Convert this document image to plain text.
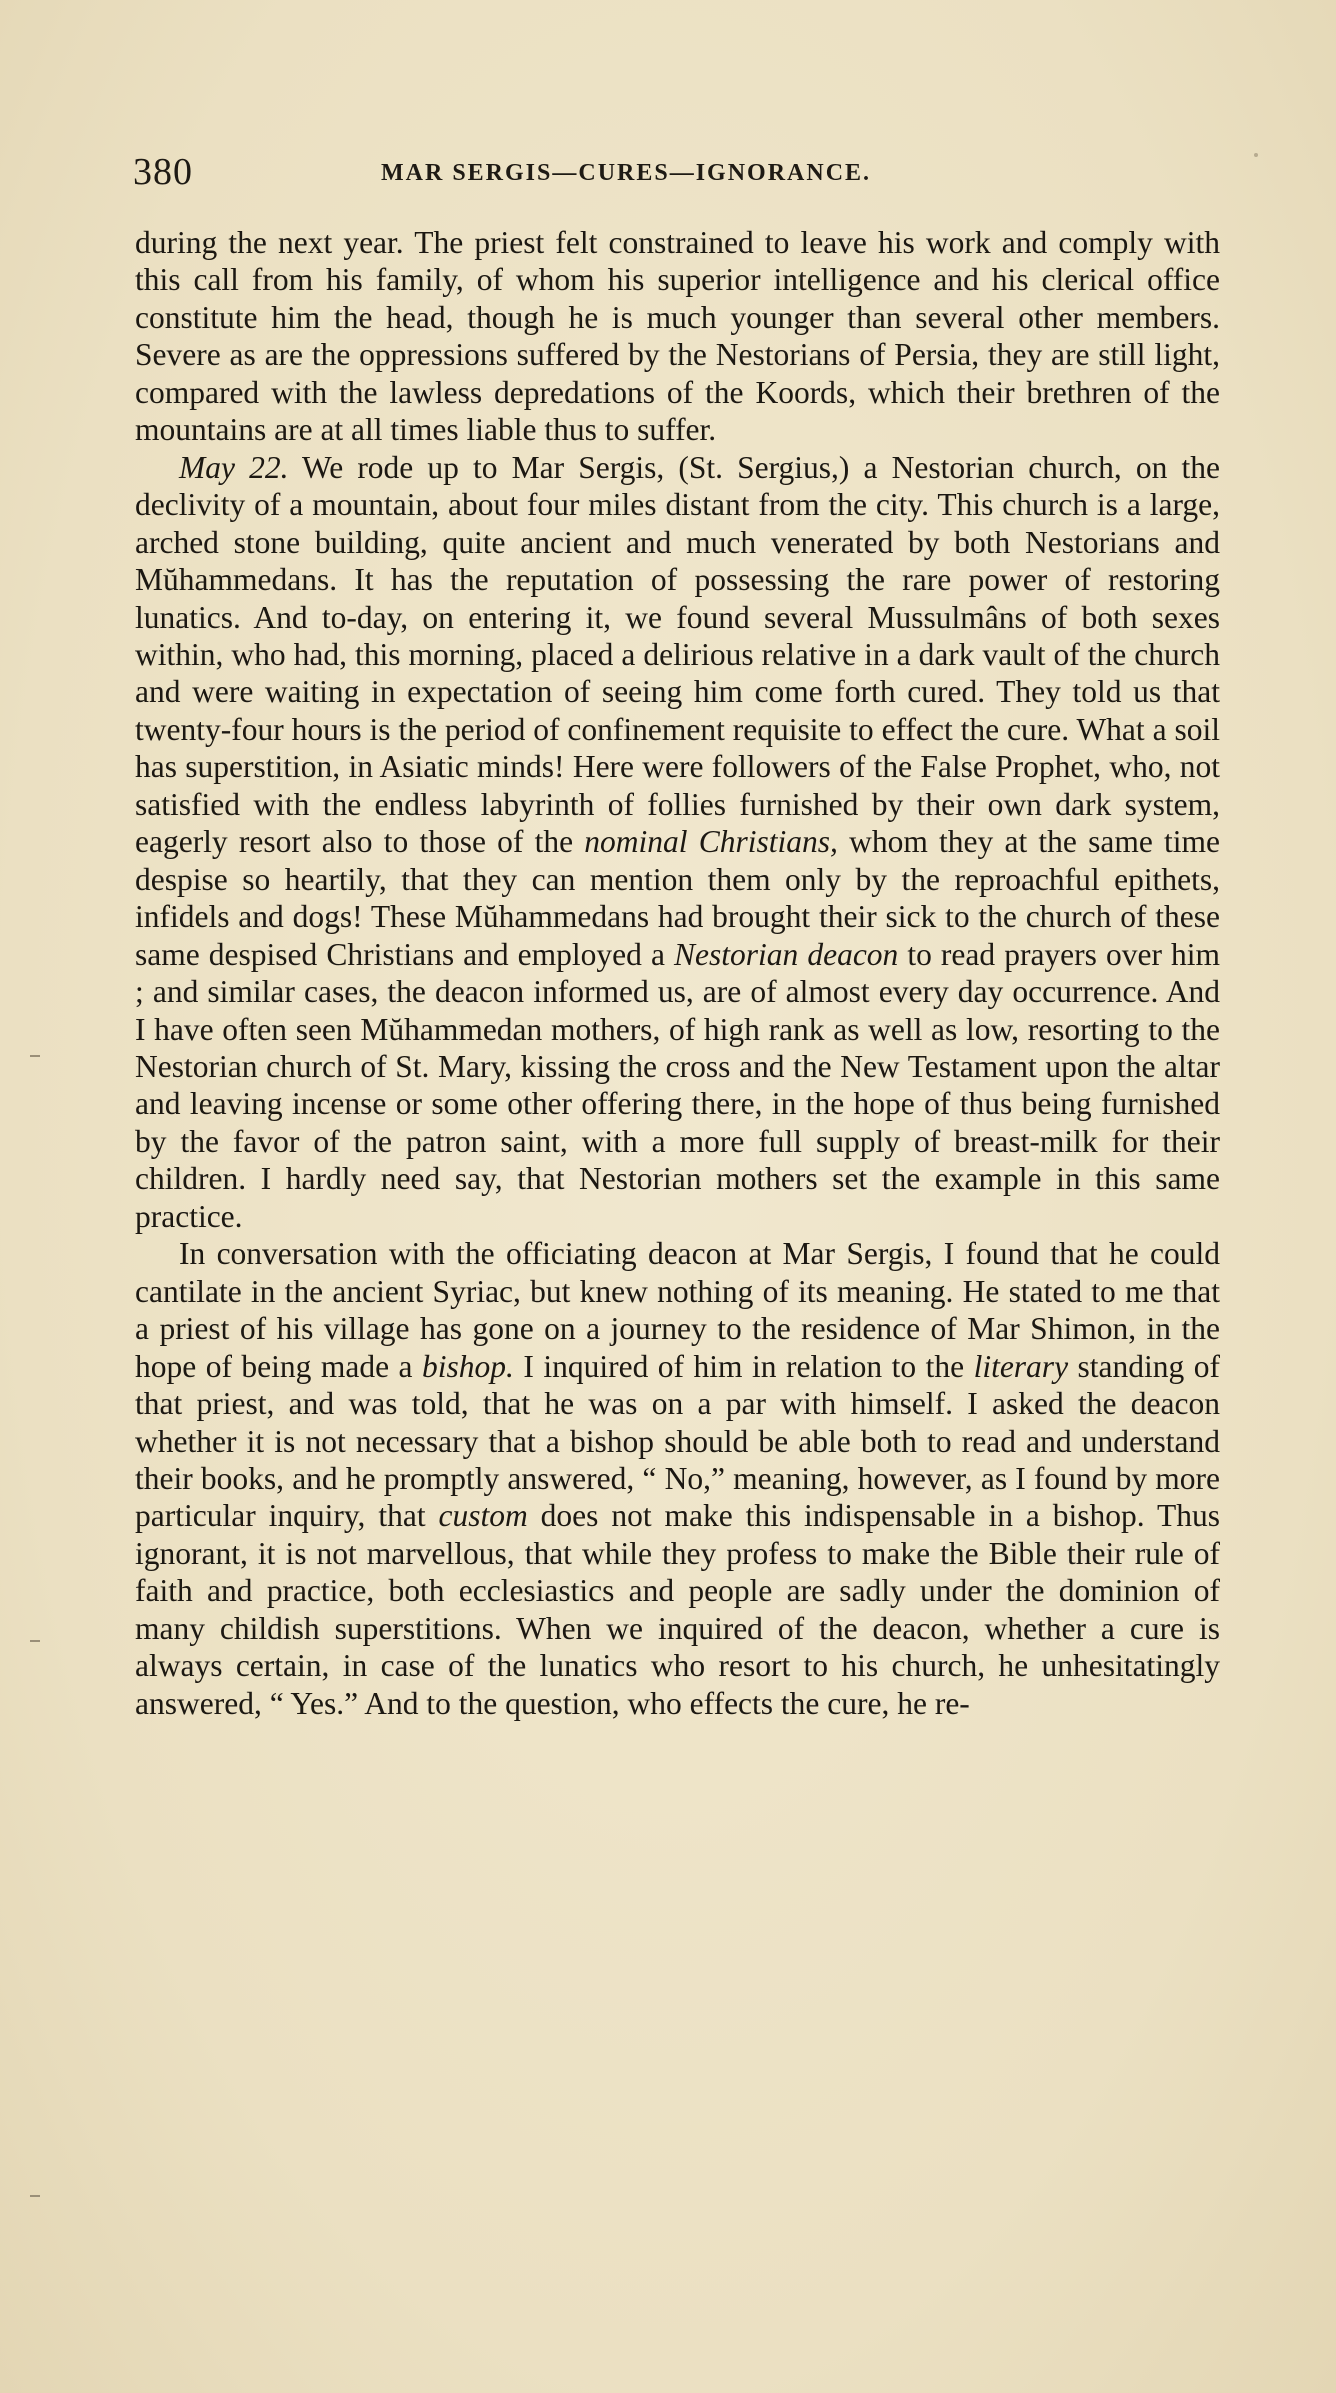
380	MAR SERGIS—CURES—IGNORANCE.

during the next year. The priest felt constrained to leave his work and comply with this call from his family, of whom his superior intelligence and his clerical office constitute him the head, though he is much younger than several other members. Severe as are the oppressions suffered by the Nestorians of Persia, they are still light, compared with the lawless depredations of the Koords, which their brethren of the mountains are at all times liable thus to suffer.

May 22. We rode up to Mar Sergis, (St. Sergius,) a Nestorian church, on the declivity of a mountain, about four miles distant from the city. This church is a large, arched stone building, quite ancient and much venerated by both Nestorians and Mŭhammedans. It has the reputation of possessing the rare power of restoring lunatics. And to-day, on entering it, we found several Mussulmâns of both sexes within, who had, this morning, placed a delirious relative in a dark vault of the church and were waiting in expectation of seeing him come forth cured. They told us that twenty-four hours is the period of confinement requisite to effect the cure. What a soil has superstition, in Asiatic minds! Here were followers of the False Prophet, who, not satisfied with the endless labyrinth of follies furnished by their own dark system, eagerly resort also to those of the nominal Christians, whom they at the same time despise so heartily, that they can mention them only by the reproachful epithets, infidels and dogs! These Mŭhammedans had brought their sick to the church of these same despised Christians and employed a Nestorian deacon to read prayers over him ; and similar cases, the deacon informed us, are of almost every day occurrence. And I have often seen Mŭhammedan mothers, of high rank as well as low, resorting to the Nestorian church of St. Mary, kissing the cross and the New Testament upon the altar and leaving incense or some other offering there, in the hope of thus being furnished by the favor of the patron saint, with a more full supply of breast-milk for their children. I hardly need say, that Nestorian mothers set the example in this same practice.

In conversation with the officiating deacon at Mar Sergis, I found that he could cantilate in the ancient Syriac, but knew nothing of its meaning. He stated to me that a priest of his village has gone on a journey to the residence of Mar Shimon, in the hope of being made a bishop. I inquired of him in relation to the literary standing of that priest, and was told, that he was on a par with himself. I asked the deacon whether it is not necessary that a bishop should be able both to read and understand their books, and he promptly answered, “ No,” meaning, however, as I found by more particular inquiry, that custom does not make this indispensable in a bishop. Thus ignorant, it is not marvellous, that while they profess to make the Bible their rule of faith and practice, both ecclesiastics and people are sadly under the dominion of many childish superstitions. When we inquired of the deacon, whether a cure is always certain, in case of the lunatics who resort to his church, he unhesitatingly answered, “ Yes.” And to the question, who effects the cure, he re-
